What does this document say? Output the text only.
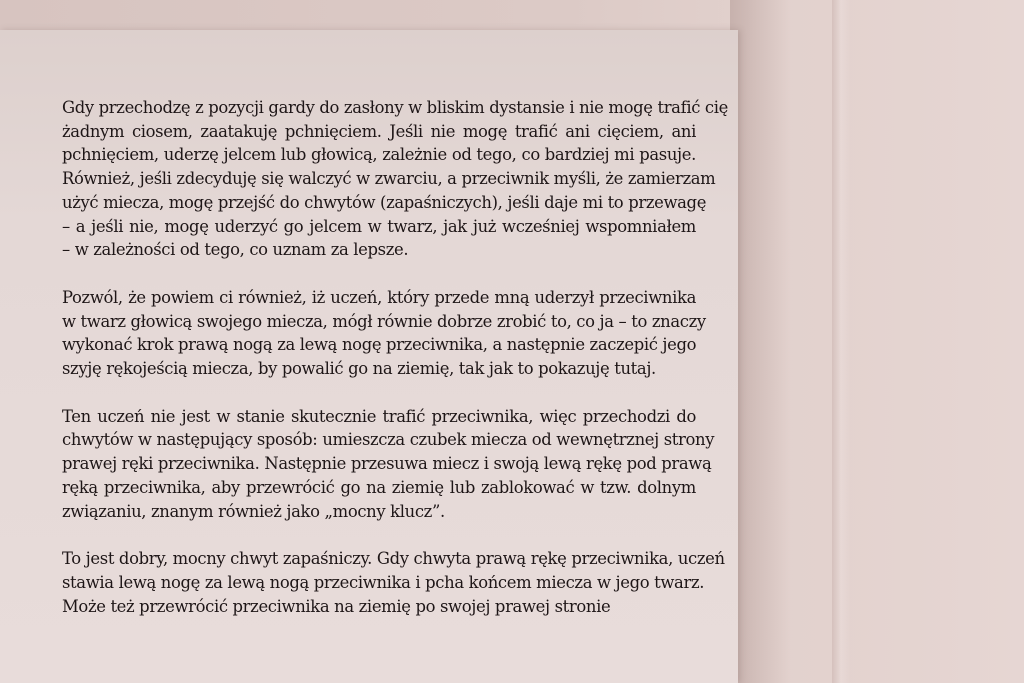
Gdy przechodzę z pozycji gardy do zasłony w bliskim dystansie i nie mogę trafić cię
żadnym ciosem, zaatakuję pchnięciem. Jeśli nie mogę trafić ani cięciem, ani
pchnięciem, uderzę jelcem lub głowicą, zależnie od tego, co bardziej mi pasuje.
Również, jeśli zdecyduję się walczyć w zwarciu, a przeciwnik myśli, że zamierzam
użyć miecza, mogę przejść do chwytów (zapaśniczych), jeśli daje mi to przewagę
– a jeśli nie, mogę uderzyć go jelcem w twarz, jak już wcześniej wspomniałem
– w zależności od tego, co uznam za lepsze.

Pozwól, że powiem ci również, iż uczeń, który przede mną uderzył przeciwnika
w twarz głowicą swojego miecza, mógł równie dobrze zrobić to, co ja – to znaczy
wykonać krok prawą nogą za lewą nogę przeciwnika, a następnie zaczepić jego
szyję rękojeścią miecza, by powalić go na ziemię, tak jak to pokazuję tutaj.

Ten uczeń nie jest w stanie skutecznie trafić przeciwnika, więc przechodzi do
chwytów w następujący sposób: umieszcza czubek miecza od wewnętrznej strony
prawej ręki przeciwnika. Następnie przesuwa miecz i swoją lewą rękę pod prawą
ręką przeciwnika, aby przewrócić go na ziemię lub zablokować w tzw. dolnym
związaniu, znanym również jako „mocny klucz”.

To jest dobry, mocny chwyt zapaśniczy. Gdy chwyta prawą rękę przeciwnika, uczeń
stawia lewą nogę za lewą nogą przeciwnika i pcha końcem miecza w jego twarz.
Może też przewrócić przeciwnika na ziemię po swojej prawej stronie
